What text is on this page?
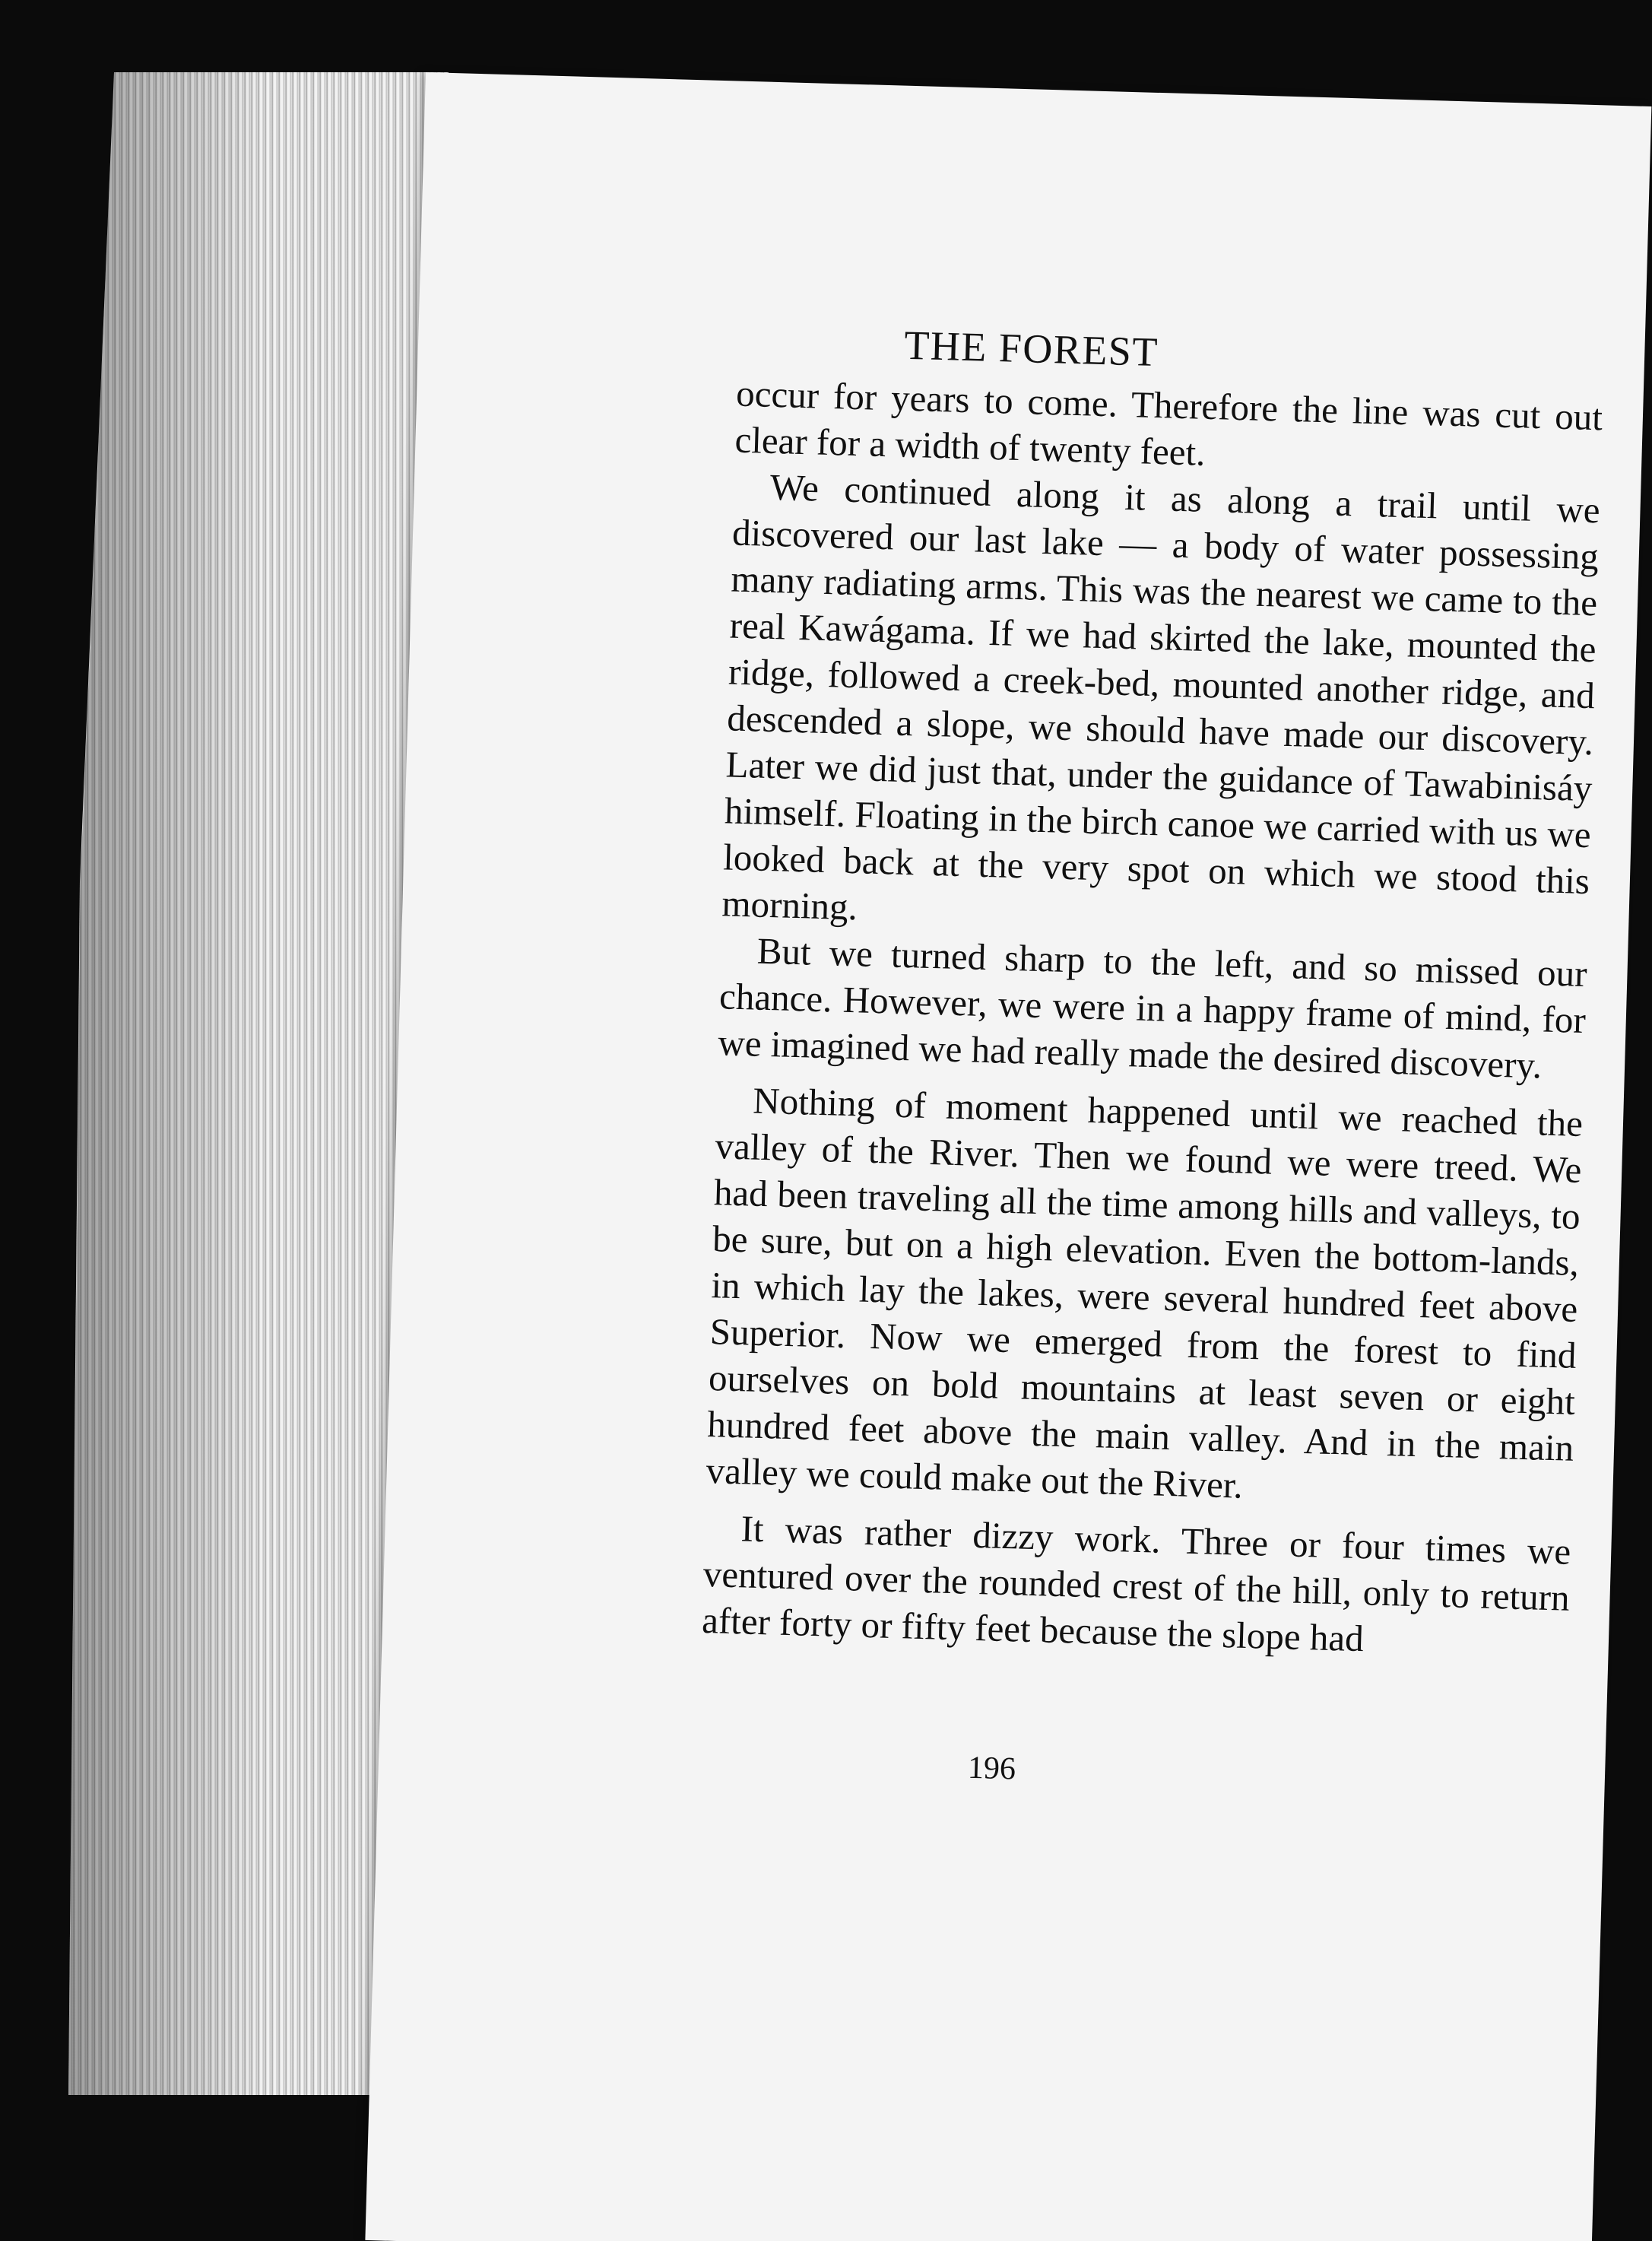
THE FOREST

occur for years to come. Therefore the line was cut out clear for a width of twenty feet.

We continued along it as along a trail until we discovered our last lake — a body of water possessing many radiating arms. This was the nearest we came to the real Kawágama. If we had skirted the lake, mounted the ridge, followed a creek-bed, mounted another ridge, and descended a slope, we should have made our discovery. Later we did just that, under the guidance of Tawabinisáy himself. Floating in the birch canoe we carried with us we looked back at the very spot on which we stood this morning.

But we turned sharp to the left, and so missed our chance. However, we were in a happy frame of mind, for we imagined we had really made the desired discovery.

Nothing of moment happened until we reached the valley of the River. Then we found we were treed. We had been traveling all the time among hills and valleys, to be sure, but on a high elevation. Even the bottom-lands, in which lay the lakes, were several hundred feet above Superior. Now we emerged from the forest to find ourselves on bold mountains at least seven or eight hundred feet above the main valley. And in the main valley we could make out the River.

It was rather dizzy work. Three or four times we ventured over the rounded crest of the hill, only to return after forty or fifty feet because the slope had

196
